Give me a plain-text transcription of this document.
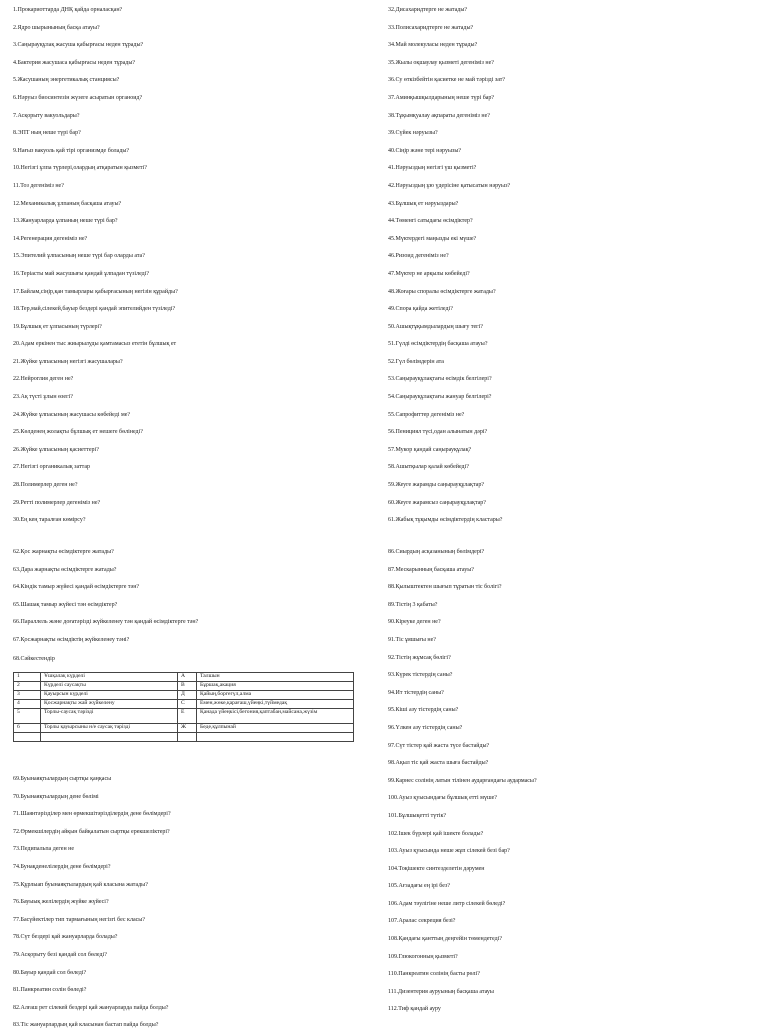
1.Прокариоттарда ДНҚ қайда орналасқан?
2.Ядро шырынының басқа атауы?
3.Саңырауқұлақ жасуша қабырғасы неден тұрады?
4.Бактерия жасушаса қабырғасы неден тұрады?
5.Жасушаның энергетикалық станциясы?
6.Нәруыз биосинтезін жүзеге асыратын органоид?
7.Асқорыту вакуольдары?
8.ЭПТ ның неше түрі бар?
9.Нағыз вакуоль қай тірі организмде болады?
10.Негізгі ұлпа түрлері,олардың атқаратын қызметі?
11.Тоз дегеніміз не?
12.Механикалық ұлпаның басқаша атауы?
13.Жануарларда ұлпаның неше түрі бар?
14.Регенерация дегеніміз не?
15.Эпителий ұлпасының неше түрі бар оларды ата?
16.Теріасты май жасушығы қандай ұлпадан түзіледі?
17.Байлам,сіңір,қан тамырлары қабырғасының негізін құрайды?
18.Тер,май,сілекей,бауыр бездері қандай эпителийден түзіледі?
19.Бұлшық ет ұлпасының түрлері?
20.Адам еркінен тыс жиырылуды қамтамасыз ететін бұлшық ет
21.Жүйке ұлпасының негізгі жасушалары?
22.Нейроглия деген не?
23.Ақ түсті ұлын өзегі?
24.Жүйке ұлпасының жасушасы көбейеді ме?
25.Көлденең жолақты бұлшық ет нешеге бөлінеді?
26.Жүйке ұлпасының қасиеттері?
27.Негізгі органикалық заттар
28.Полимерлер деген не?
29.Ретті полимерлер дегеніміз не?
30.Ең кең таралған көмірсу?
62.Қос жарнақты өсімдіктерге жатады?
63.Дара жарнақты өсімдіктерге жатады?
64.Кіндік тамыр жүйесі қандай өсімдіктерге тән?
65.Шашақ тамыр жүйесі тән өсімдіктер?
66.Параллель және доғатәрізді жүйкеленеу тән қандай өсімдіктерге тән?
67.Қосжарнақты өсімдіктің жүйкеленеу тәні?
68.Сәйкестендір
1	Ұшқалақ күрделі	А	Талшын
2	Күрделі саусақты	В	Бұршақ,акация
3	Қауырсын күрделі	Д	Қайың,боргегүл,алма
4	Қосжарнақты жай жүйкелену	С	Емен,жөке,қарағаш,үйеңкі,түймедақ
5	Торлы-саусақ тәрізді	Е	Қанада үйеңкісі,бегония,қаптабан,майсана,жүзім
6	Торлы қауырсыны н/е саусақ тәрізді	Ж	Беде,құлпынай

69.Буынаяқтылардың сыртқы қаңқасы
70.Буынаяқтылардың дене бөлімі
71.Шаянтәрізділер мен өрмекшітәрізділердің дене бөлімдері?
72.Өрмекшілердің айқын байқалатын сыртқы ерекшеліктері?
73.Педипальпа деген не
74.Бунақденелілердің дене бөлімдері?
75.Құрлыап буынаяқтылардың қай класына жатады?
76.Бауыық желілердің жүйке жүйесі?
77.Басүйектілер тип тармағының негізгі бес класы?
78.Сүт бездері қай жануарларда болады?
79.Асқорыту безі қандай сол бөледі?
80.Бауыр қандай сол бөледі?
81.Панкреатин солін бөледі?
82.Алғаш рет сілекей бездері қай жануарларда пайда болды?
83.Тіс жануарлардың қай класынан бастап пайда болды?
32.Дисахаридтерге не жатады?
33.Полисахаридтерге не жатады?
34.Май молекуласы неден тұрады?
35.Жылы оқшаулау қызметі дегеніміз не?
36.Су өткізбейтін қасиетке не май тәрізді зат?
37.Аминқышқылдарының неше түрі бар?
38.Тұқымқуалау ақпараты дегеніміз не?
39.Сүйек нәруызы?
40.Сіңір және тері нәруызы?
41.Нәруыздың негізгі үш қызметі?
42.Нәруыздың ұю үдерісіне қатысатын нәруыз?
43.Бұлшық ет нәруыздары?
44.Төменгі сатыдағы өсімдіктер?
45.Мүктердегі маңызды екі мүше?
46.Ризоид дегеніміз не?
47.Мүктер не арқылы көбейеді?
48.Жоғары споралы өсімдіктерге жатады?
49.Спора қайда жетіледі?
50.Ашықтұқымдылардың шығу тегі?
51.Гүлді өсімдіктердің басқаша атауы?
52.Гүл бөлімдерін ата
53.Саңырауқұлақтағы өсімдік белгілері?
54.Саңырауқұлақтағы жануар белгілері?
55.Сапрофиттер дегеніміз не?
56.Пенициял түсі,одан алынатын дәрі?
57.Мукор қандай саңырауқұлақ?
58.Ашытқылар қалай көбейеді?
59.Жеуге жарамды саңырауқұлақтар?
60.Жеуге жарамсыз саңырауқұлақтар?
61.Жабық тұқымды өсімдіктердің кластары?
86.Сиырдың асқазанының бөлімдері?
87.Мескарынның басқаша атауы?
88.Қылыштектен шығып тұратын тіс болігі?
89.Тістің 3 қабаты?
90.Кіреуке деген не?
91.Тіс ұяшығы не?
92.Тістің жұмсақ бөлігі?
93.Күрек тістердің саны?
94.Ит тістердің саны?
95.Кіші азу тістердің саны?
96.Үлкен азу тістердің саны?
97.Сүт тістер қай жаста түсе бастайды?
98.Ақыл тіс қай жаста шыға бастайды?
99.Карнес солінің латын тілінен аударғандағы аудармасы?
100.Ауыз қуысындағы бұлшық етті мүше?
101.Бұлшықетті түтік?
102.Ішек бүрлері қай ішекте болады?
103.Ауыз қуысында неше жұп сілекей безі бар?
104.Тоқішекте синтезделетін дәрумен
105.Ағзадағы ең ірі без?
106.Адам тәулігіне неше литр сілекей бөледі?
107.Аралас секреция безі?
108.Қандағы қанттың деңгейін төмендетеді?
109.Глюкогонның қызметі?
110.Панкреатин солінің басты рөлі?
111.Дизентерия ауруының басқаша атауы
112.Тиф қандай ауру
